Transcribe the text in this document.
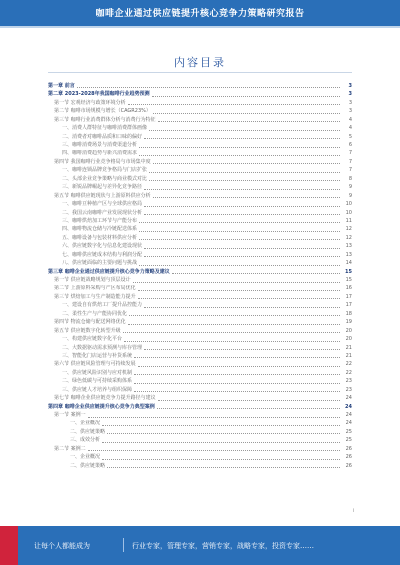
咖啡企业通过供应链提升核心竞争力策略研究报告
内容目录
第一章 前言	3
第二章 2023-2028年我国咖啡行业趋势预测	3
第一节 宏观经济与政策环境分析	3
第二节 咖啡市场规模与增长（CAGR23%）	3
第三节 咖啡行业消费群体分析与消费行为特征	4
一、消费人群特征与咖啡消费群体画像	4
二、消费者对咖啡品质和口味的偏好	5
三、咖啡消费场景与消费渠道分析	6
四、咖啡消费趋势与新兴消费需求	7
第四节 我国咖啡行业竞争格局与市场集中度	7
一、咖啡连锁品牌竞争格局与门店扩张	7
二、头部企业竞争策略与商业模式对比	8
三、新锐品牌崛起与差异化竞争路径	9
第五节 咖啡供应链现状与上游原料供应分析	9
一、咖啡豆种植产区与全球供应格局	10
二、我国云南咖啡产业发展现状分析	10
三、咖啡烘焙加工环节与产能分布	11
四、咖啡物流仓储与冷链配送体系	12
五、咖啡设备与包装材料供应分析	12
六、供应链数字化与信息化建设现状	13
七、咖啡供应链成本结构与利润分配	13
八、供应链面临的主要问题与挑战	14
第三章 咖啡企业通过供应链提升核心竞争力策略及建议	15
第一节 供应链战略规划与顶层设计	15
第二节 上游原料采购与产区布局优化	16
第三节 烘焙加工与生产制造能力提升	17
一、建设自有烘焙工厂提升品控能力	17
二、柔性生产与产能协同优化	18
第四节 物流仓储与配送网络优化	19
第五节 供应链数字化转型升级	20
一、构建供应链数字化平台	20
二、大数据驱动需求预测与库存管理	21
三、智能化门店运营与补货系统	21
第六节 供应链风险管理与可持续发展	22
一、供应链风险识别与应对机制	22
二、绿色低碳与可持续采购体系	23
三、供应链人才培养与组织保障	23
第七节 咖啡企业供应链竞争力提升路径与建议	24
第四章 咖啡企业供应链提升核心竞争力典型案例	24
第一节 案例一	24
一、企业概况	24
二、供应链策略	25
三、成效分析	25
第二节 案例二	26
一、企业概况	26
二、供应链策略	26
i
让每个人都能成为	行业专家，管理专家，营销专家，战略专家，投资专家……
